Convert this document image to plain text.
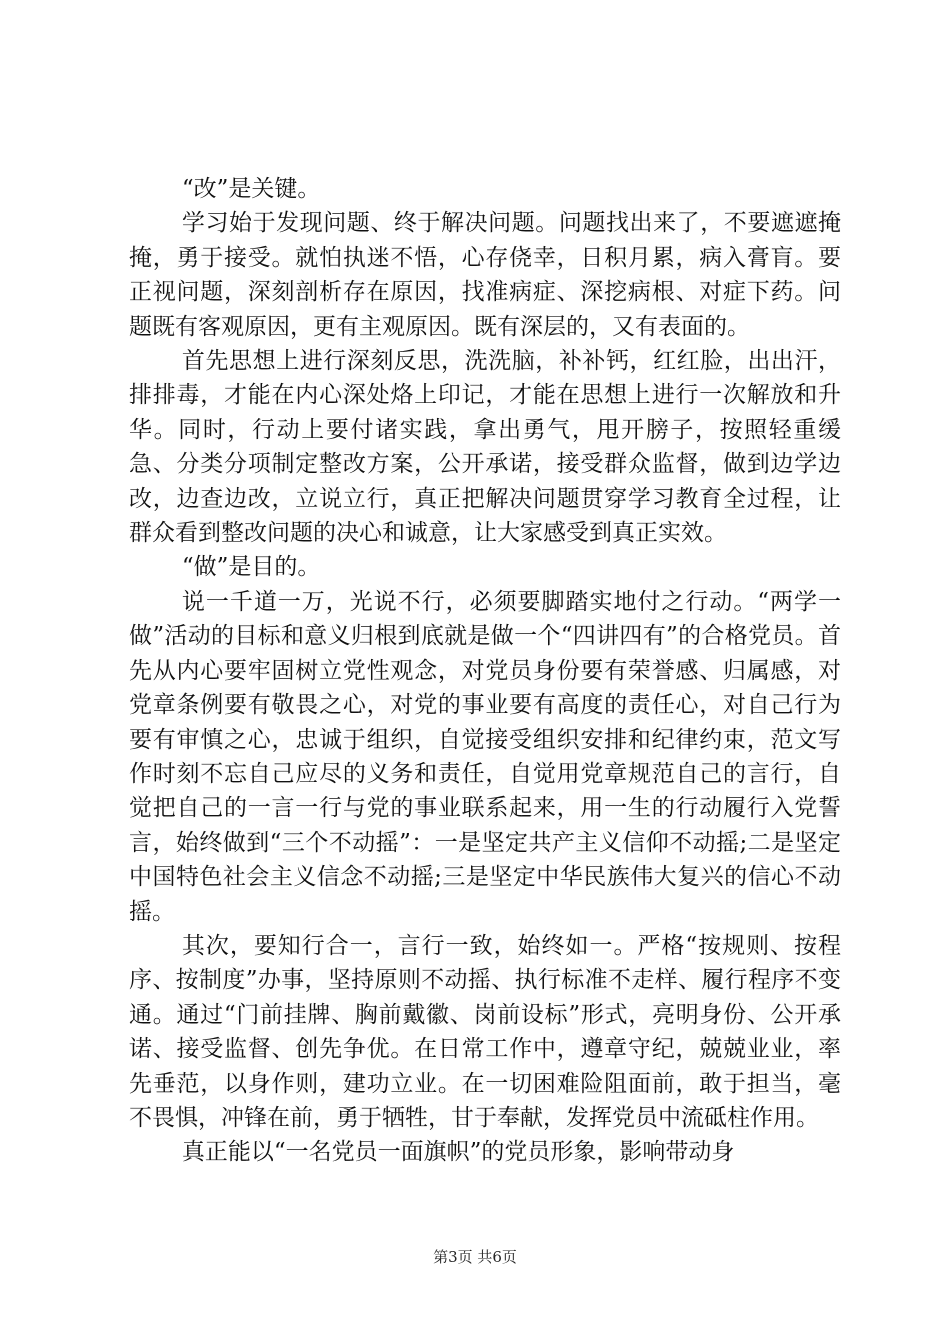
“改”是关键。

学习始于发现问题、终于解决问题。问题找出来了，不要遮遮掩掩，勇于接受。就怕执迷不悟，心存侥幸，日积月累，病入膏肓。要正视问题，深刻剖析存在原因，找准病症、深挖病根、对症下药。问题既有客观原因，更有主观原因。既有深层的，又有表面的。

首先思想上进行深刻反思，洗洗脑，补补钙，红红脸，出出汗，排排毒，才能在内心深处烙上印记，才能在思想上进行一次解放和升华。同时，行动上要付诸实践，拿出勇气，甩开膀子，按照轻重缓急、分类分项制定整改方案，公开承诺，接受群众监督，做到边学边改，边查边改，立说立行，真正把解决问题贯穿学习教育全过程，让群众看到整改问题的决心和诚意，让大家感受到真正实效。

“做”是目的。

说一千道一万，光说不行，必须要脚踏实地付之行动。“两学一做”活动的目标和意义归根到底就是做一个“四讲四有”的合格党员。首先从内心要牢固树立党性观念，对党员身份要有荣誉感、归属感，对党章条例要有敬畏之心，对党的事业要有高度的责任心，对自己行为要有审慎之心，忠诚于组织，自觉接受组织安排和纪律约束，范文写作时刻不忘自己应尽的义务和责任，自觉用党章规范自己的言行，自觉把自己的一言一行与党的事业联系起来，用一生的行动履行入党誓言，始终做到“三个不动摇”：一是坚定共产主义信仰不动摇;二是坚定中国特色社会主义信念不动摇;三是坚定中华民族伟大复兴的信心不动摇。

其次，要知行合一，言行一致，始终如一。严格“按规则、按程序、按制度”办事，坚持原则不动摇、执行标准不走样、履行程序不变通。通过“门前挂牌、胸前戴徽、岗前设标”形式，亮明身份、公开承诺、接受监督、创先争优。在日常工作中，遵章守纪，兢兢业业，率先垂范，以身作则，建功立业。在一切困难险阻面前，敢于担当，毫不畏惧，冲锋在前，勇于牺牲，甘于奉献，发挥党员中流砥柱作用。

真正能以“一名党员一面旗帜”的党员形象，影响带动身

第3页 共6页
